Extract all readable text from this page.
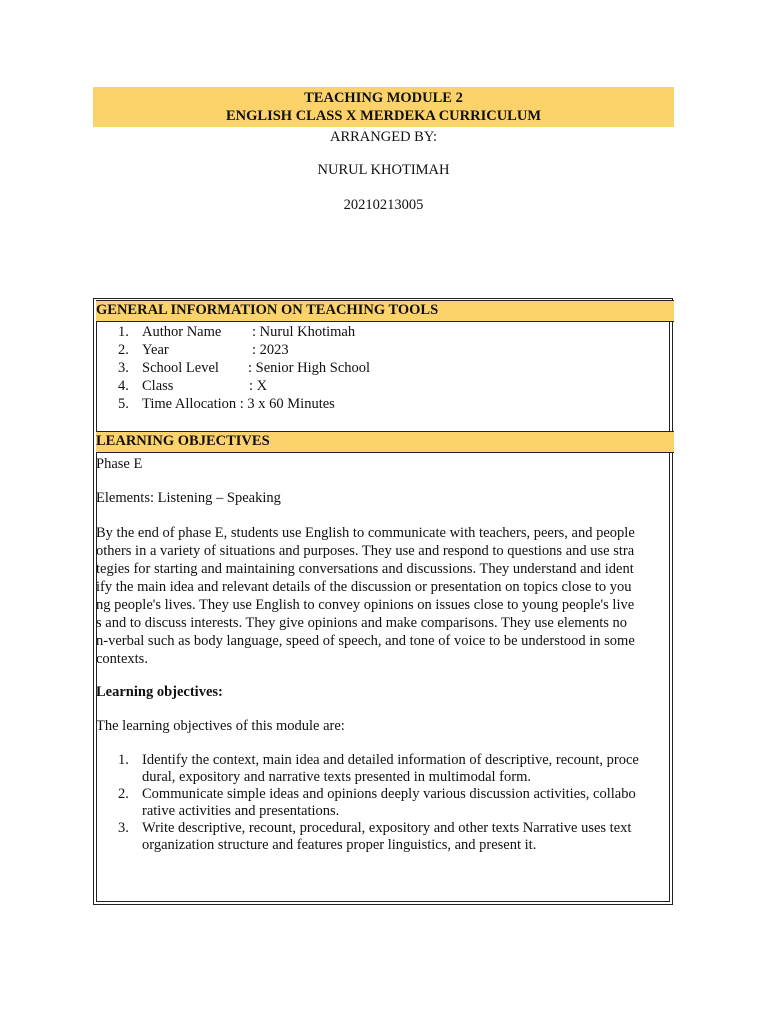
TEACHING MODULE 2
ENGLISH CLASS X MERDEKA CURRICULUM
ARRANGED BY:
NURUL KHOTIMAH
20210213005
GENERAL INFORMATION ON TEACHING TOOLS
1. Author Name	: Nurul Khotimah
2. Year	: 2023
3. School Level	: Senior High School
4. Class	: X
5. Time Allocation : 3 x 60 Minutes
LEARNING OBJECTIVES
Phase E
Elements: Listening – Speaking
By the end of phase E, students use English to communicate with teachers, peers, and people
others in a variety of situations and purposes. They use and respond to questions and use stra
tegies for starting and maintaining conversations and discussions. They understand and ident
ify the main idea and relevant details of the discussion or presentation on topics close to you
ng people's lives. They use English to convey opinions on issues close to young people's live
s and to discuss interests. They give opinions and make comparisons. They use elements no
n-verbal such as body language, speed of speech, and tone of voice to be understood in some
contexts.
Learning objectives:
The learning objectives of this module are:
1. Identify the context, main idea and detailed information of descriptive, recount, proce
dural, expository and narrative texts presented in multimodal form.
2. Communicate simple ideas and opinions deeply various discussion activities, collabo
rative activities and presentations.
3. Write descriptive, recount, procedural, expository and other texts Narrative uses text
organization structure and features proper linguistics, and present it.
